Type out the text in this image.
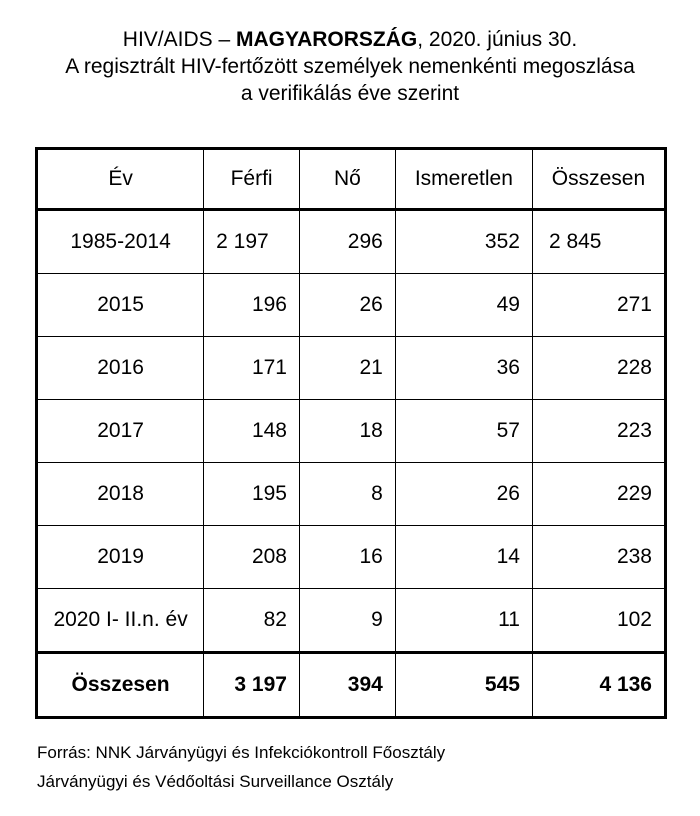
HIV/AIDS – MAGYARORSZÁG, 2020. június 30.
A regisztrált HIV-fertőzött személyek nemenkénti megoszlása
a verifikálás éve szerint
Év	Férfi	Nő	Ismeretlen	Összesen
1985-2014	2 197	296	352	2 845
2015	196	26	49	271
2016	171	21	36	228
2017	148	18	57	223
2018	195	8	26	229
2019	208	16	14	238
2020 I- II.n. év	82	9	11	102
Összesen	3 197	394	545	4 136
Forrás: NNK Járványügyi és Infekciókontroll Főosztály
Járványügyi és Védőoltási Surveillance Osztály
